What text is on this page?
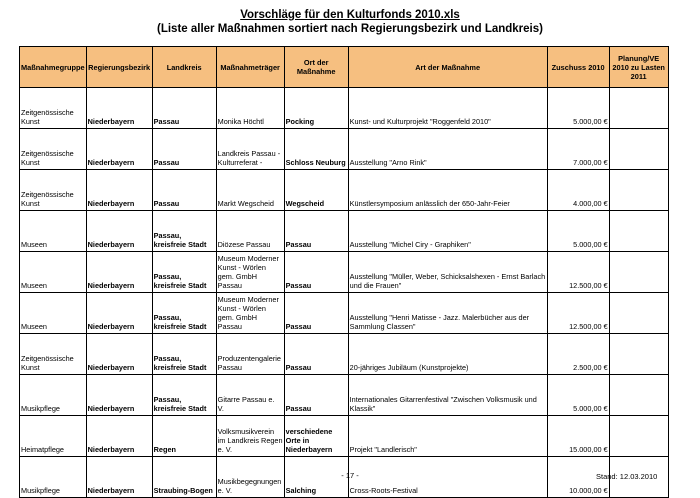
Vorschläge für den Kulturfonds 2010.xls
(Liste aller Maßnahmen sortiert nach Regierungsbezirk und Landkreis)
Maßnahmegruppe	Regierungsbezirk	Landkreis	Maßnahmeträger	Ort der Maßnahme	Art der Maßnahme	Zuschuss 2010	Planung/VE 2010 zu Lasten 2011
Zeitgenössische Kunst	Niederbayern	Passau	Monika Höchtl	Pocking	Kunst- und Kulturprojekt "Roggenfeld 2010"	5.000,00 €	
Zeitgenössische Kunst	Niederbayern	Passau	Landkreis Passau - Kulturreferat -	Schloss Neuburg	Ausstellung "Arno Rink"	7.000,00 €	
Zeitgenössische Kunst	Niederbayern	Passau	Markt Wegscheid	Wegscheid	Künstlersymposium anlässlich der 650-Jahr-Feier	4.000,00 €	
Museen	Niederbayern	Passau, kreisfreie Stadt	Diözese Passau	Passau	Ausstellung "Michel Ciry - Graphiken"	5.000,00 €	
Museen	Niederbayern	Passau, kreisfreie Stadt	Museum Moderner Kunst - Wörlen gem. GmbH Passau	Passau	Ausstellung "Müller, Weber, Schicksalshexen - Ernst Barlach und die Frauen"	12.500,00 €	
Museen	Niederbayern	Passau, kreisfreie Stadt	Museum Moderner Kunst - Wörlen gem. GmbH Passau	Passau	Ausstellung "Henri Matisse - Jazz. Malerbücher aus der Sammlung Classen"	12.500,00 €	
Zeitgenössische Kunst	Niederbayern	Passau, kreisfreie Stadt	Produzentengalerie Passau	Passau	20-jähriges Jubiläum (Kunstprojekte)	2.500,00 €	
Musikpflege	Niederbayern	Passau, kreisfreie Stadt	Gitarre Passau e. V.	Passau	Internationales Gitarrenfestival "Zwischen Volksmusik und Klassik"	5.000,00 €	
Heimatpflege	Niederbayern	Regen	Volksmusikverein im Landkreis Regen e. V.	verschiedene Orte in Niederbayern	Projekt "Landlerisch"	15.000,00 €	
Musikpflege	Niederbayern	Straubing-Bogen	Musikbegegnungen e. V.	Salching	Cross-Roots-Festival	10.000,00 €	
- 17 -	Stand: 12.03.2010
